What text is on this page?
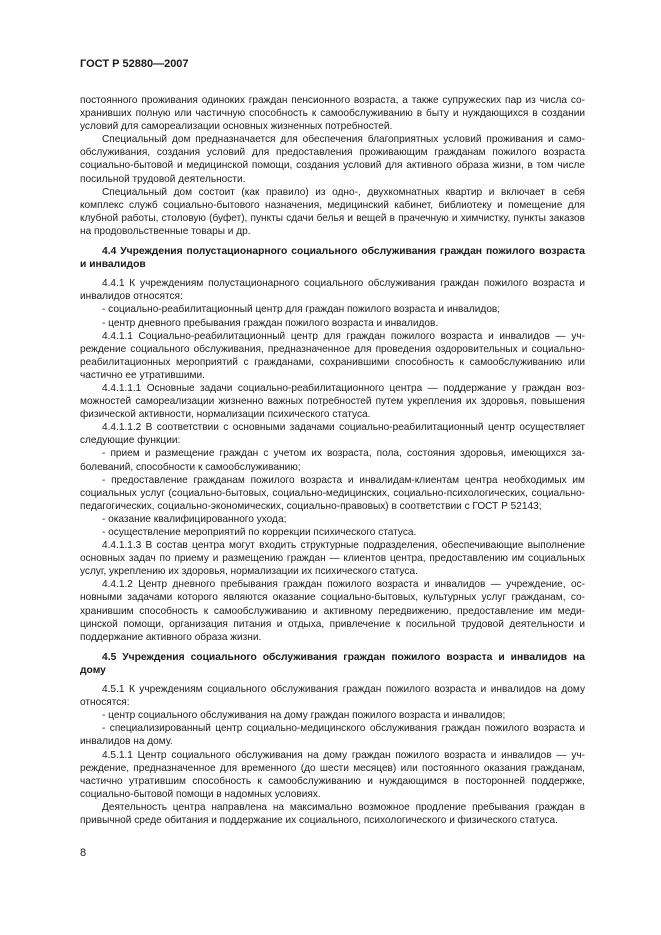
ГОСТ Р 52880—2007

постоянного проживания одиноких граждан пенсионного возраста, а также супружеских пар из числа сохранивших полную или частичную способность к самообслуживанию в быту и нуждающихся в создании условий для самореализации основных жизненных потребностей.

Специальный дом предназначается для обеспечения благоприятных условий проживания и самообслуживания, создания условий для предоставления проживающим гражданам пожилого возраста социально-бытовой и медицинской помощи, создания условий для активного образа жизни, в том числе посильной трудовой деятельности.

Специальный дом состоит (как правило) из одно-, двухкомнатных квартир и включает в себя комплекс служб социально-бытового назначения, медицинский кабинет, библиотеку и помещение для клубной работы, столовую (буфет), пункты сдачи белья и вещей в прачечную и химчистку, пункты заказов на продовольственные товары и др.

4.4 Учреждения полустационарного социального обслуживания граждан пожилого возраста и инвалидов

4.4.1 К учреждениям полустационарного социального обслуживания граждан пожилого возраста и инвалидов относятся:

- социально-реабилитационный центр для граждан пожилого возраста и инвалидов;

- центр дневного пребывания граждан пожилого возраста и инвалидов.

4.4.1.1 Социально-реабилитационный центр для граждан пожилого возраста и инвалидов — учреждение социального обслуживания, предназначенное для проведения оздоровительных и социально-реабилитационных мероприятий с гражданами, сохранившими способность к самообслуживанию или частично ее утратившими.

4.4.1.1.1 Основные задачи социально-реабилитационного центра — поддержание у граждан возможностей самореализации жизненно важных потребностей путем укрепления их здоровья, повышения физической активности, нормализации психического статуса.

4.4.1.1.2 В соответствии с основными задачами социально-реабилитационный центр осуществляет следующие функции:

- прием и размещение граждан с учетом их возраста, пола, состояния здоровья, имеющихся заболеваний, способности к самообслуживанию;

- предоставление гражданам пожилого возраста и инвалидам-клиентам центра необходимых им социальных услуг (социально-бытовых, социально-медицинских, социально-психологических, социально-педагогических, социально-экономических, социально-правовых) в соответствии с ГОСТ Р 52143;

- оказание квалифицированного ухода;

- осуществление мероприятий по коррекции психического статуса.

4.4.1.1.3 В состав центра могут входить структурные подразделения, обеспечивающие выполнение основных задач по приему и размещению граждан — клиентов центра, предоставлению им социальных услуг, укреплению их здоровья, нормализации их психического статуса.

4.4.1.2 Центр дневного пребывания граждан пожилого возраста и инвалидов — учреждение, основными задачами которого являются оказание социально-бытовых, культурных услуг гражданам, сохранившим способность к самообслуживанию и активному передвижению, предоставление им медицинской помощи, организация питания и отдыха, привлечение к посильной трудовой деятельности и поддержание активного образа жизни.

4.5 Учреждения социального обслуживания граждан пожилого возраста и инвалидов на дому

4.5.1 К учреждениям социального обслуживания граждан пожилого возраста и инвалидов на дому относятся:

- центр социального обслуживания на дому граждан пожилого возраста и инвалидов;

- специализированный центр социально-медицинского обслуживания граждан пожилого возраста и инвалидов на дому.

4.5.1.1 Центр социального обслуживания на дому граждан пожилого возраста и инвалидов — учреждение, предназначенное для временного (до шести месяцев) или постоянного оказания гражданам, частично утратившим способность к самообслуживанию и нуждающимся в посторонней поддержке, социально-бытовой помощи в надомных условиях.

Деятельность центра направлена на максимально возможное продление пребывания граждан в привычной среде обитания и поддержание их социального, психологического и физического статуса.

8
